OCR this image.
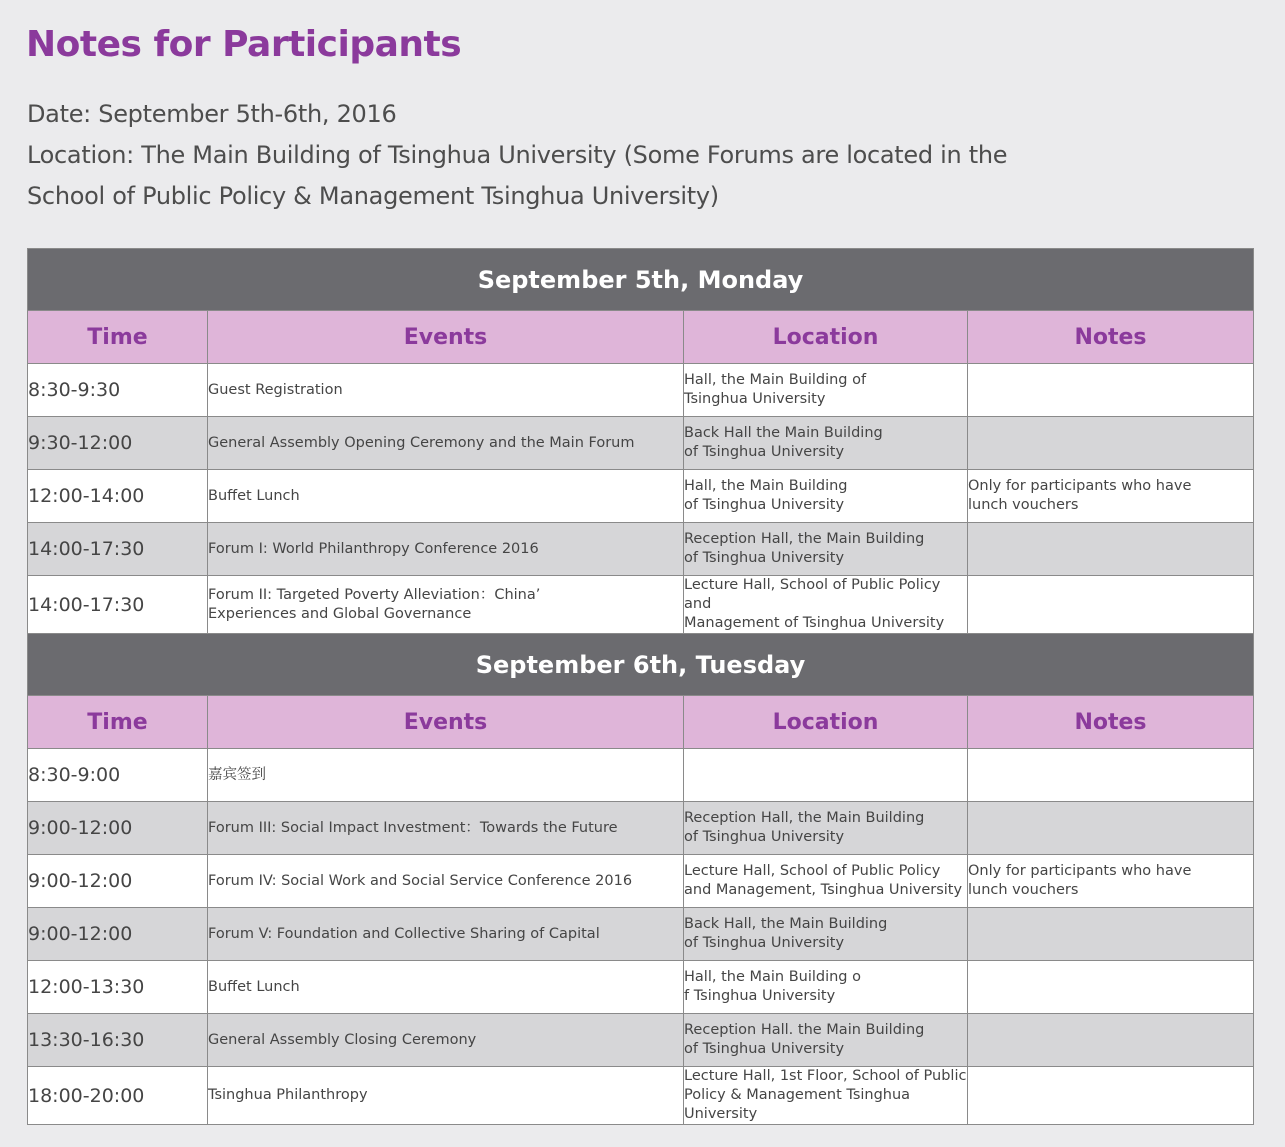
Notes for Participants
Date: September 5th-6th, 2016
Location: The Main Building of Tsinghua University (Some Forums are located in the
School of Public Policy & Management Tsinghua University)
September 5th, Monday			
Time	Events	Location	Notes
8:30-9:30	Guest Registration	Hall, the Main Building of
Tsinghua University	
9:30-12:00	General Assembly Opening Ceremony and the Main Forum	Back Hall the Main Building
of Tsinghua University	
12:00-14:00	Buffet Lunch	Hall, the Main Building
of Tsinghua University	Only for participants who have
lunch vouchers
14:00-17:30	Forum I: World Philanthropy Conference 2016	Reception Hall, the Main Building
of Tsinghua University	
14:00-17:30	Forum II: Targeted Poverty Alleviation：China’
Experiences and Global Governance	Lecture Hall, School of Public Policy and
Management of Tsinghua University	
September 6th, Tuesday			
Time	Events	Location	Notes
8:30-9:00	嘉宾签到		
9:00-12:00	Forum III: Social Impact Investment：Towards the Future	Reception Hall, the Main Building
of Tsinghua University	
9:00-12:00	Forum IV: Social Work and Social Service Conference 2016	Lecture Hall, School of Public Policy
and Management, Tsinghua University	Only for participants who have
lunch vouchers
9:00-12:00	Forum V: Foundation and Collective Sharing of Capital	Back Hall, the Main Building
of Tsinghua University	
12:00-13:30	Buffet Lunch	Hall, the Main Building o
f Tsinghua University	
13:30-16:30	General Assembly Closing Ceremony	Reception Hall. the Main Building
of Tsinghua University	
18:00-20:00	Tsinghua Philanthropy	Lecture Hall, 1st Floor, School of Public
Policy & Management Tsinghua University	
